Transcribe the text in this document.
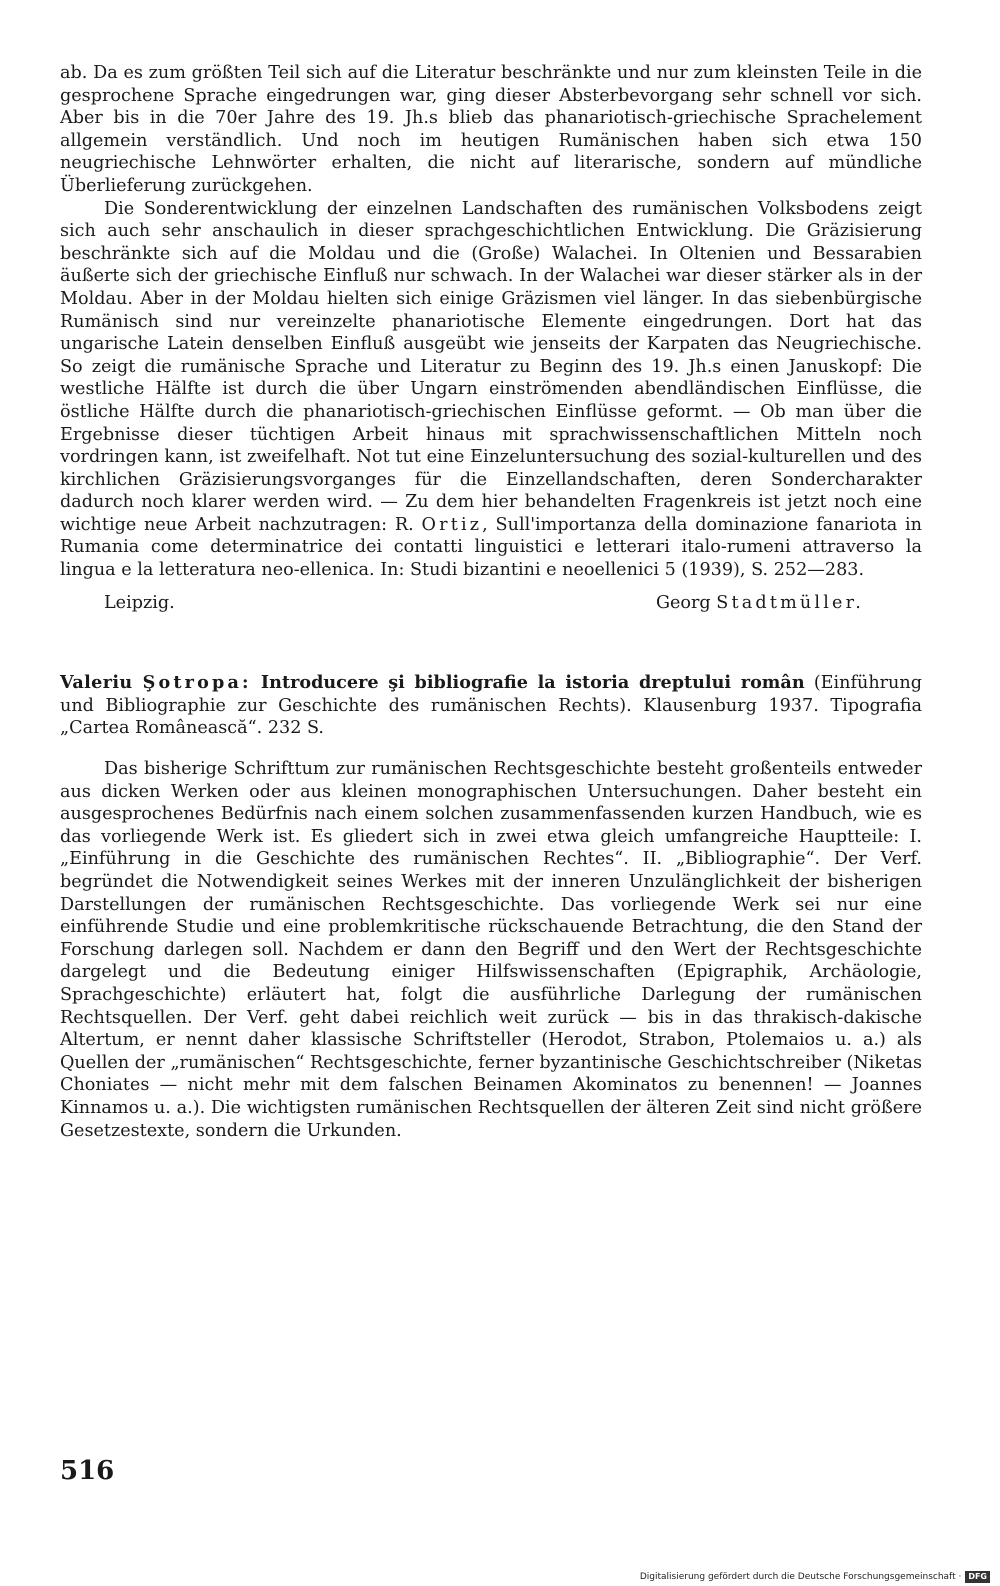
ab. Da es zum größten Teil sich auf die Literatur beschränkte und nur zum kleinsten Teile in die gesprochene Sprache eingedrungen war, ging dieser Absterbevorgang sehr schnell vor sich. Aber bis in die 70er Jahre des 19. Jh.s blieb das phanariotisch-griechische Sprachelement allgemein verständlich. Und noch im heutigen Rumänischen haben sich etwa 150 neugriechische Lehnwörter erhalten, die nicht auf literarische, sondern auf mündliche Überlieferung zurückgehen.

Die Sonderentwicklung der einzelnen Landschaften des rumänischen Volksbodens zeigt sich auch sehr anschaulich in dieser sprachgeschichtlichen Entwicklung. Die Gräzisierung beschränkte sich auf die Moldau und die (Große) Walachei. In Oltenien und Bessarabien äußerte sich der griechische Einfluß nur schwach. In der Walachei war dieser stärker als in der Moldau. Aber in der Moldau hielten sich einige Gräzismen viel länger. In das siebenbürgische Rumänisch sind nur vereinzelte phanariotische Elemente eingedrungen. Dort hat das ungarische Latein denselben Einfluß ausgeübt wie jenseits der Karpaten das Neugriechische. So zeigt die rumänische Sprache und Literatur zu Beginn des 19. Jh.s einen Januskopf: Die westliche Hälfte ist durch die über Ungarn einströmenden abendländischen Einflüsse, die östliche Hälfte durch die phanariotisch-griechischen Einflüsse geformt. — Ob man über die Ergebnisse dieser tüchtigen Arbeit hinaus mit sprachwissenschaftlichen Mitteln noch vordringen kann, ist zweifelhaft. Not tut eine Einzeluntersuchung des sozial-kulturellen und des kirchlichen Gräzisierungsvorganges für die Einzellandschaften, deren Sondercharakter dadurch noch klarer werden wird. — Zu dem hier behandelten Fragenkreis ist jetzt noch eine wichtige neue Arbeit nachzutragen: R. Ortiz, Sull'importanza della dominazione fanariota in Rumania come determinatrice dei contatti linguistici e letterari italo-rumeni attraverso la lingua e la letteratura neo-ellenica. In: Studi bizantini e neoellenici 5 (1939), S. 252—283.

Leipzig.	Georg Stadtmüller.

Valeriu Şotropa: Introducere şi bibliografie la istoria dreptului român (Einführung und Bibliographie zur Geschichte des rumänischen Rechts). Klausenburg 1937. Tipografia „Cartea Românească“. 232 S.

Das bisherige Schrifttum zur rumänischen Rechtsgeschichte besteht großenteils entweder aus dicken Werken oder aus kleinen monographischen Untersuchungen. Daher besteht ein ausgesprochenes Bedürfnis nach einem solchen zusammenfassenden kurzen Handbuch, wie es das vorliegende Werk ist. Es gliedert sich in zwei etwa gleich umfangreiche Hauptteile: I. „Einführung in die Geschichte des rumänischen Rechtes“. II. „Bibliographie“. Der Verf. begründet die Notwendigkeit seines Werkes mit der inneren Unzulänglichkeit der bisherigen Darstellungen der rumänischen Rechtsgeschichte. Das vorliegende Werk sei nur eine einführende Studie und eine problemkritische rückschauende Betrachtung, die den Stand der Forschung darlegen soll. Nachdem er dann den Begriff und den Wert der Rechtsgeschichte dargelegt und die Bedeutung einiger Hilfswissenschaften (Epigraphik, Archäologie, Sprachgeschichte) erläutert hat, folgt die ausführliche Darlegung der rumänischen Rechtsquellen. Der Verf. geht dabei reichlich weit zurück — bis in das thrakisch-dakische Altertum, er nennt daher klassische Schriftsteller (Herodot, Strabon, Ptolemaios u. a.) als Quellen der „rumänischen“ Rechtsgeschichte, ferner byzantinische Geschichtschreiber (Niketas Choniates — nicht mehr mit dem falschen Beinamen Akominatos zu benennen! — Joannes Kinnamos u. a.). Die wichtigsten rumänischen Rechtsquellen der älteren Zeit sind nicht größere Gesetzestexte, sondern die Urkunden.

516
Digitalisierung gefördert durch die Deutsche Forschungsgemeinschaft · DFG
